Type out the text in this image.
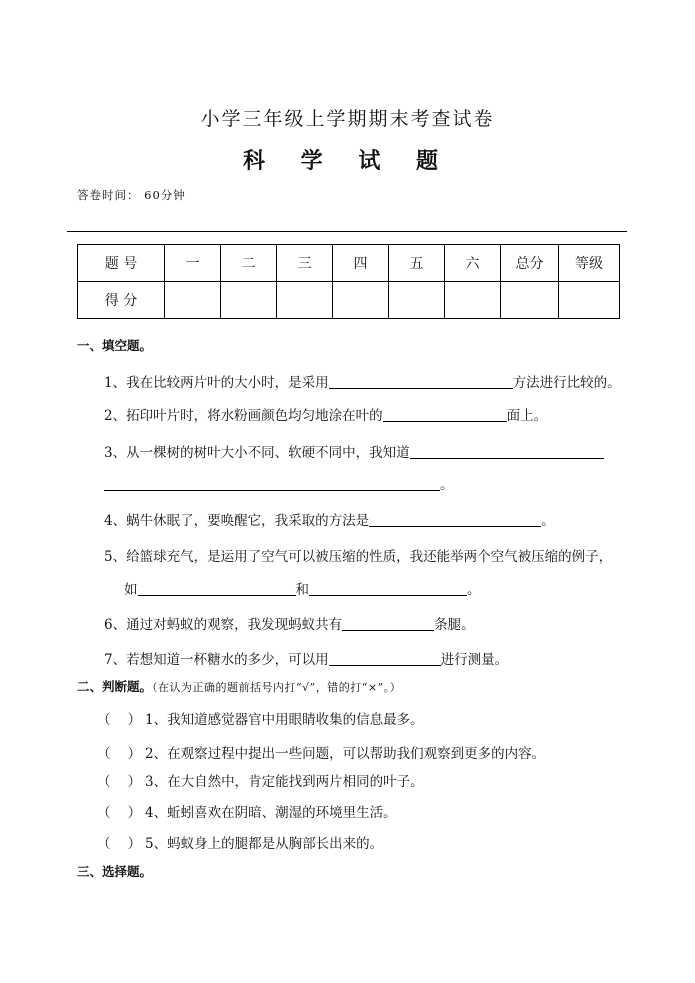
小学三年级上学期期末考查试卷
科 学 试 题
答卷时间： 60分钟
题 号	一	二	三	四	五	六	总分	等级
得 分								
一、填空题。
1、我在比较两片叶的大小时，是采用	方法进行比较的。
2、拓印叶片时，将水粉画颜色均匀地涂在叶的	面上。
3、从一棵树的树叶大小不同、软硬不同中，我知道
。
4、蜗牛休眠了，要唤醒它，我采取的方法是	。
5、给篮球充气，是运用了空气可以被压缩的性质，我还能举两个空气被压缩的例子，
如	和	。
6、通过对蚂蚁的观察，我发现蚂蚁共有	条腿。
7、若想知道一杯糖水的多少，可以用	进行测量。
二、判断题。（在认为正确的题前括号内打“√”，错的打“×”。）
（ ） 1、我知道感觉器官中用眼睛收集的信息最多。
（ ） 2、在观察过程中提出一些问题，可以帮助我们观察到更多的内容。
（ ） 3、在大自然中，肯定能找到两片相同的叶子。
（ ） 4、蚯蚓喜欢在阴暗、潮湿的环境里生活。
（ ） 5、蚂蚁身上的腿都是从胸部长出来的。
三、选择题。
